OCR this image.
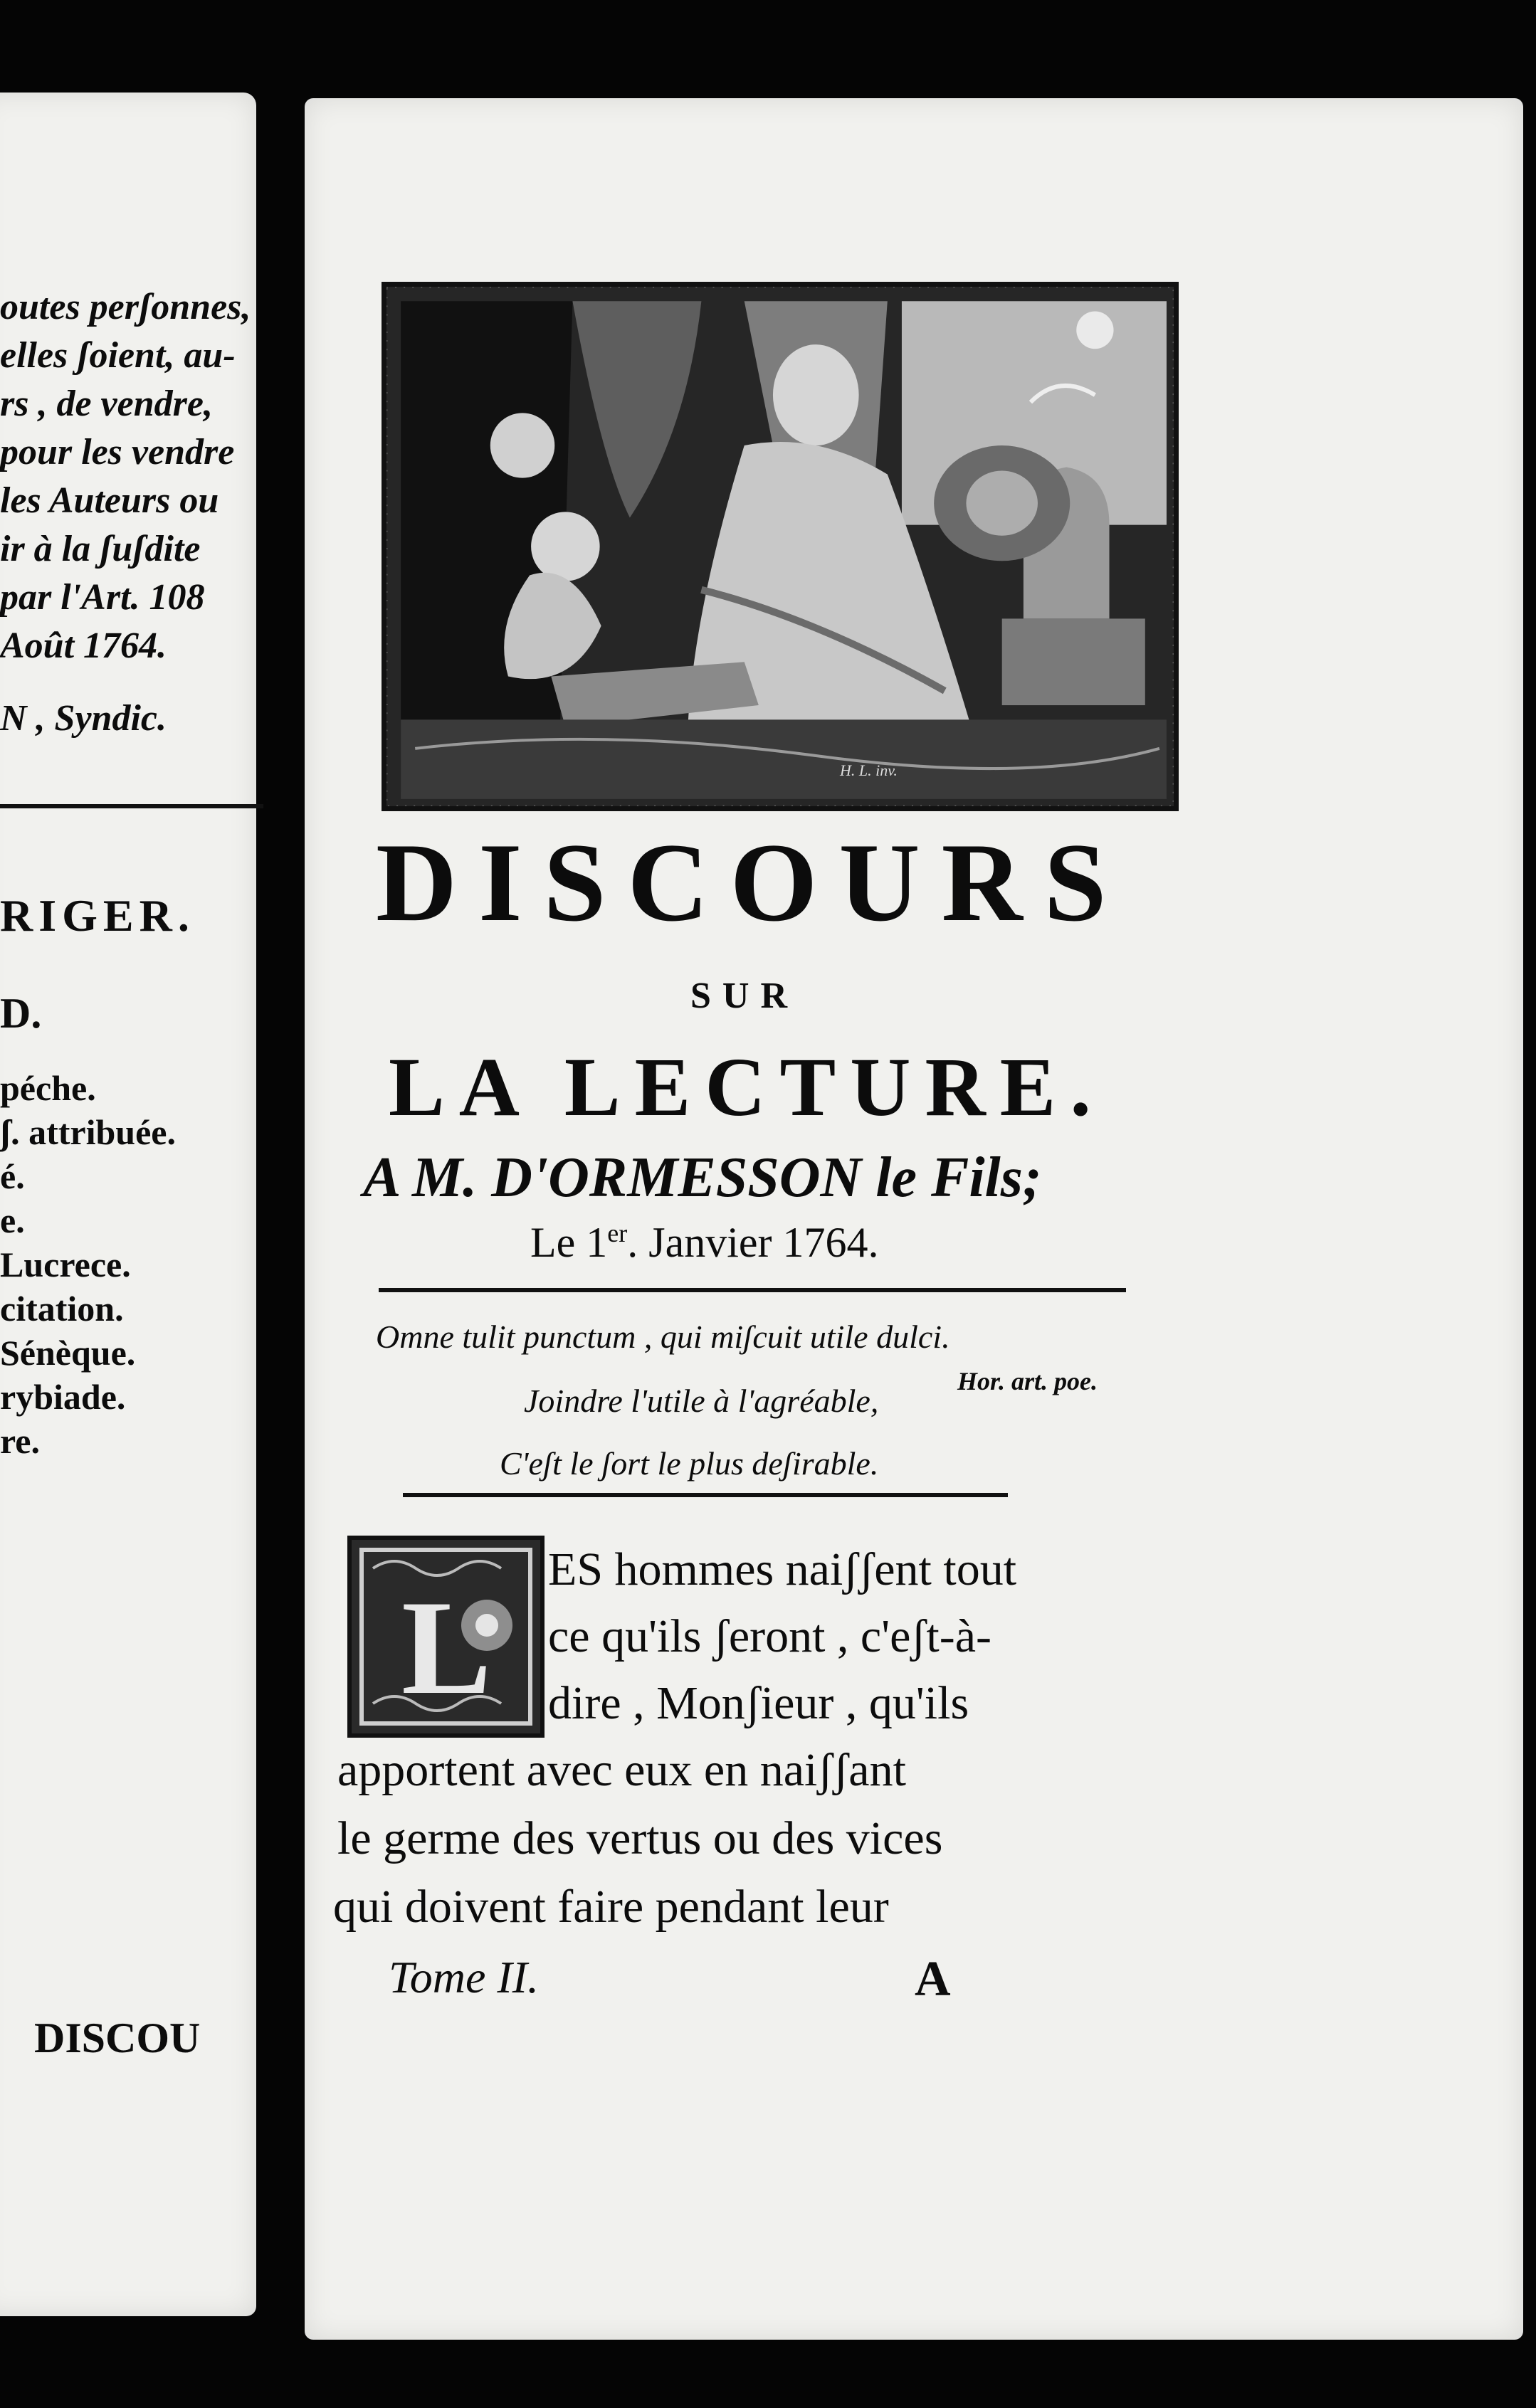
outes perʃonnes,
elles ʃoient, au-
rs , de vendre,
pour les vendre
les Auteurs ou
ir à la ʃuʃdite
par l'Art. 108
Août 1764.
N , Syndic.
RIGER.
D.
péche.
ʃ. attribuée.
é.
e.
Lucrece.
citation.
Sénèque.
rybiade.
re.
DISCOU
H. L. inv.
DISCOURS
SUR
LA LECTURE.
A M. D'ORMESSON le Fils;
Le 1er. Janvier 1764.
Omne tulit punctum , qui miʃcuit utile dulci.
Hor. art. poe.
Joindre l'utile à l'agréable,
C'eʃt le ʃort le plus deʃirable.
L
ES hommes naiʃʃent tout
ce qu'ils ʃeront , c'eʃt-à-
dire , Monʃieur , qu'ils
apportent avec eux en naiʃʃant
le germe des vertus ou des vices
qui doivent faire pendant leur
Tome II.	A
